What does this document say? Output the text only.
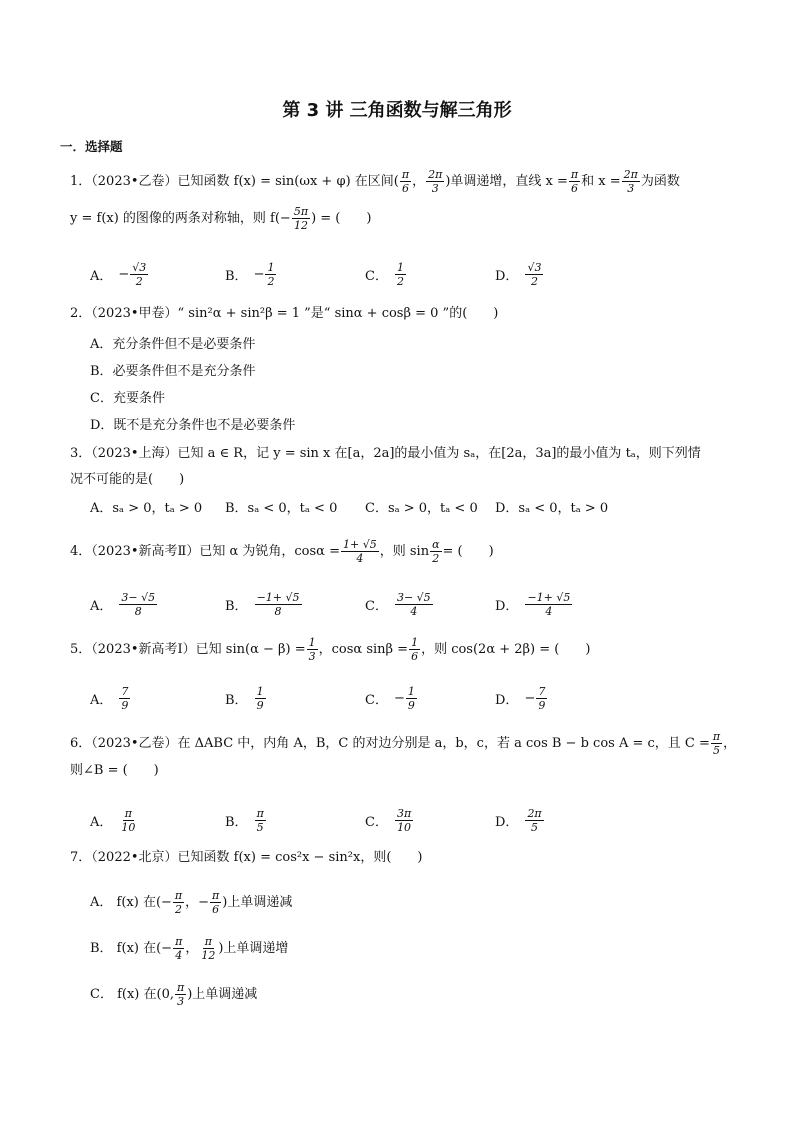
第 3 讲 三角函数与解三角形
一．选择题
1．（2023•乙卷）已知函数 f(x) = sin(ωx + φ) 在区间( $\frac{\pi}{6}$ ， $\frac{2\pi}{3}$ )单调递增，直线 $x = \frac{\pi}{6}$ 和 $x = \frac{2\pi}{3}$ 为函数
y = f(x) 的图像的两条对称轴，则 $f(- \frac{5\pi}{12}$ ) = (　　)
A． − $\frac{√3}{2}$	B． − $\frac{1}{2}$	C． $\frac{1}{2}$	D． $\frac{√3}{2}$
2．（2023•甲卷）“ sin²α + sin²β = 1 ”是“ sinα + cosβ = 0 ”的(　　)
A．充分条件但不是必要条件
B．必要条件但不是充分条件
C．充要条件
D．既不是充分条件也不是必要条件
3．（2023•上海）已知 a ∈ R，记 y = sin x 在[a，2a]的最小值为 sₐ，在[2a，3a]的最小值为 tₐ，则下列情
况不可能的是(　　)
A．sₐ > 0，tₐ > 0 B．sₐ < 0，tₐ < 0 C．sₐ > 0，tₐ < 0 D．sₐ < 0，tₐ > 0
4．（2023•新高考Ⅱ）已知 α 为锐角，$\cos\alpha = \frac{1+ √5}{4}$ ，则 $\sin \frac{\alpha}{2}$ = (　　)
A． $\frac{3- √5}{8}$	B． $\frac{-1+ √5}{8}$	C． $\frac{3- √5}{4}$	D． $\frac{-1+ √5}{4}$
5．（2023•新高考Ⅰ）已知 $\sin(\alpha - \beta) = \frac{1}{3}$ ，cosα $\sin\beta = \frac{1}{6}$ ，则 cos(2α + 2β) = (　　)
A． $\frac{7}{9}$	B． $\frac{1}{9}$	C． − $\frac{1}{9}$	D． − $\frac{7}{9}$
6．（2023•乙卷）在 ΔABC 中，内角 A，B，C 的对边分别是 a，b，c，若 a cos B − b cos A = c，且 $C = \frac{\pi}{5}$ ，
则∠B = (　　)
A． $\frac{\pi}{10}$	B． $\frac{\pi}{5}$	C． $\frac{3\pi}{10}$	D． $\frac{2\pi}{5}$
7．（2022•北京）已知函数 f(x) = cos²x − sin²x，则(　　)
A． f(x) 在(− $\frac{\pi}{2}$ ，− $\frac{\pi}{6}$ )上单调递减
B． f(x) 在(− $\frac{\pi}{4}$ ， $\frac{\pi}{12}$ )上单调递增
C． f(x) 在(0, $\frac{\pi}{3}$ )上单调递减
